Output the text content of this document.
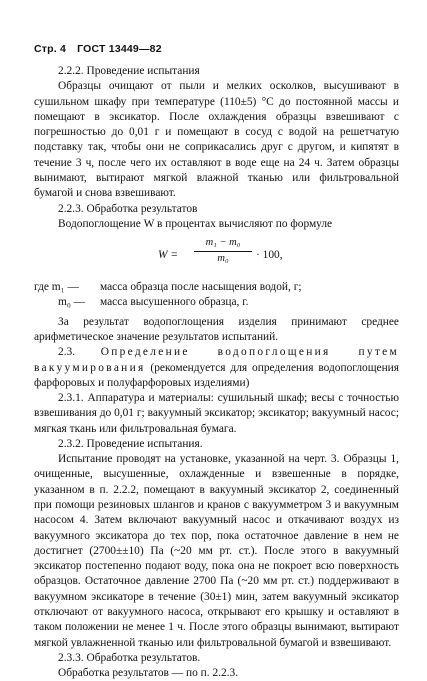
Стр. 4 ГОСТ 13449—82

2.2.2. Проведение испытания

Образцы очищают от пыли и мелких осколков, высушивают в сушильном шкафу при температуре (110±5) °С до постоянной массы и помещают в эксикатор. После охлаждения образцы взвешивают с погрешностью до 0,01 г и помещают в сосуд с водой на решетчатую подставку так, чтобы они не соприкасались друг с другом, и кипятят в течение 3 ч, после чего их оставляют в воде еще на 24 ч. Затем образцы вынимают, вытирают мягкой влажной тканью или фильтровальной бумагой и снова взвешивают.

2.2.3. Обработка результатов

Водопоглощение W в процентах вычисляют по формуле

$W = \frac{\text{m₁ − m₀}}{\text{m₀}} \cdot 100$,
где m₁ —	масса образца после насыщения водой, г;
m₀ —	масса высушенного образца, г.

За результат водопоглощения изделия принимают среднее арифметическое значение результатов испытаний.

2.3. Определение водопоглощения путем вакуумирования (рекомендуется для определения водопоглощения фарфоровых и полуфарфоровых изделиями)

2.3.1. Аппаратура и материалы: сушильный шкаф; весы с точностью взвешивания до 0,01 г; вакуумный эксикатор; эксикатор; вакуумный насос; мягкая ткань или фильтровальная бумага.

2.3.2. Проведение испытания.

Испытание проводят на установке, указанной на черт. 3. Образцы 1, очищенные, высушенные, охлажденные и взвешенные в порядке, указанном в п. 2.2.2, помещают в вакуумный эксикатор 2, соединенный при помощи резиновых шлангов и кранов с вакуумметром 3 и вакуумным насосом 4. Затем включают вакуумный насос и откачивают воздух из вакуумного эксикатора до тех пор, пока остаточное давление в нем не достигнет (2700±±10) Па (~20 мм рт. ст.). После этого в вакуумный эксикатор постепенно подают воду, пока она не покроет всю поверхность образцов. Остаточное давление 2700 Па (~20 мм рт. ст.) поддерживают в вакуумном эксикаторе в течение (30±1) мин, затем вакуумный эксикатор отключают от вакуумного насоса, открывают его крышку и оставляют в таком положении не менее 1 ч. После этого образцы вынимают, вытирают мягкой увлажненной тканью или фильтровальной бумагой и взвешивают.

2.3.3. Обработка результатов.

Обработка результатов — по п. 2.2.3.
